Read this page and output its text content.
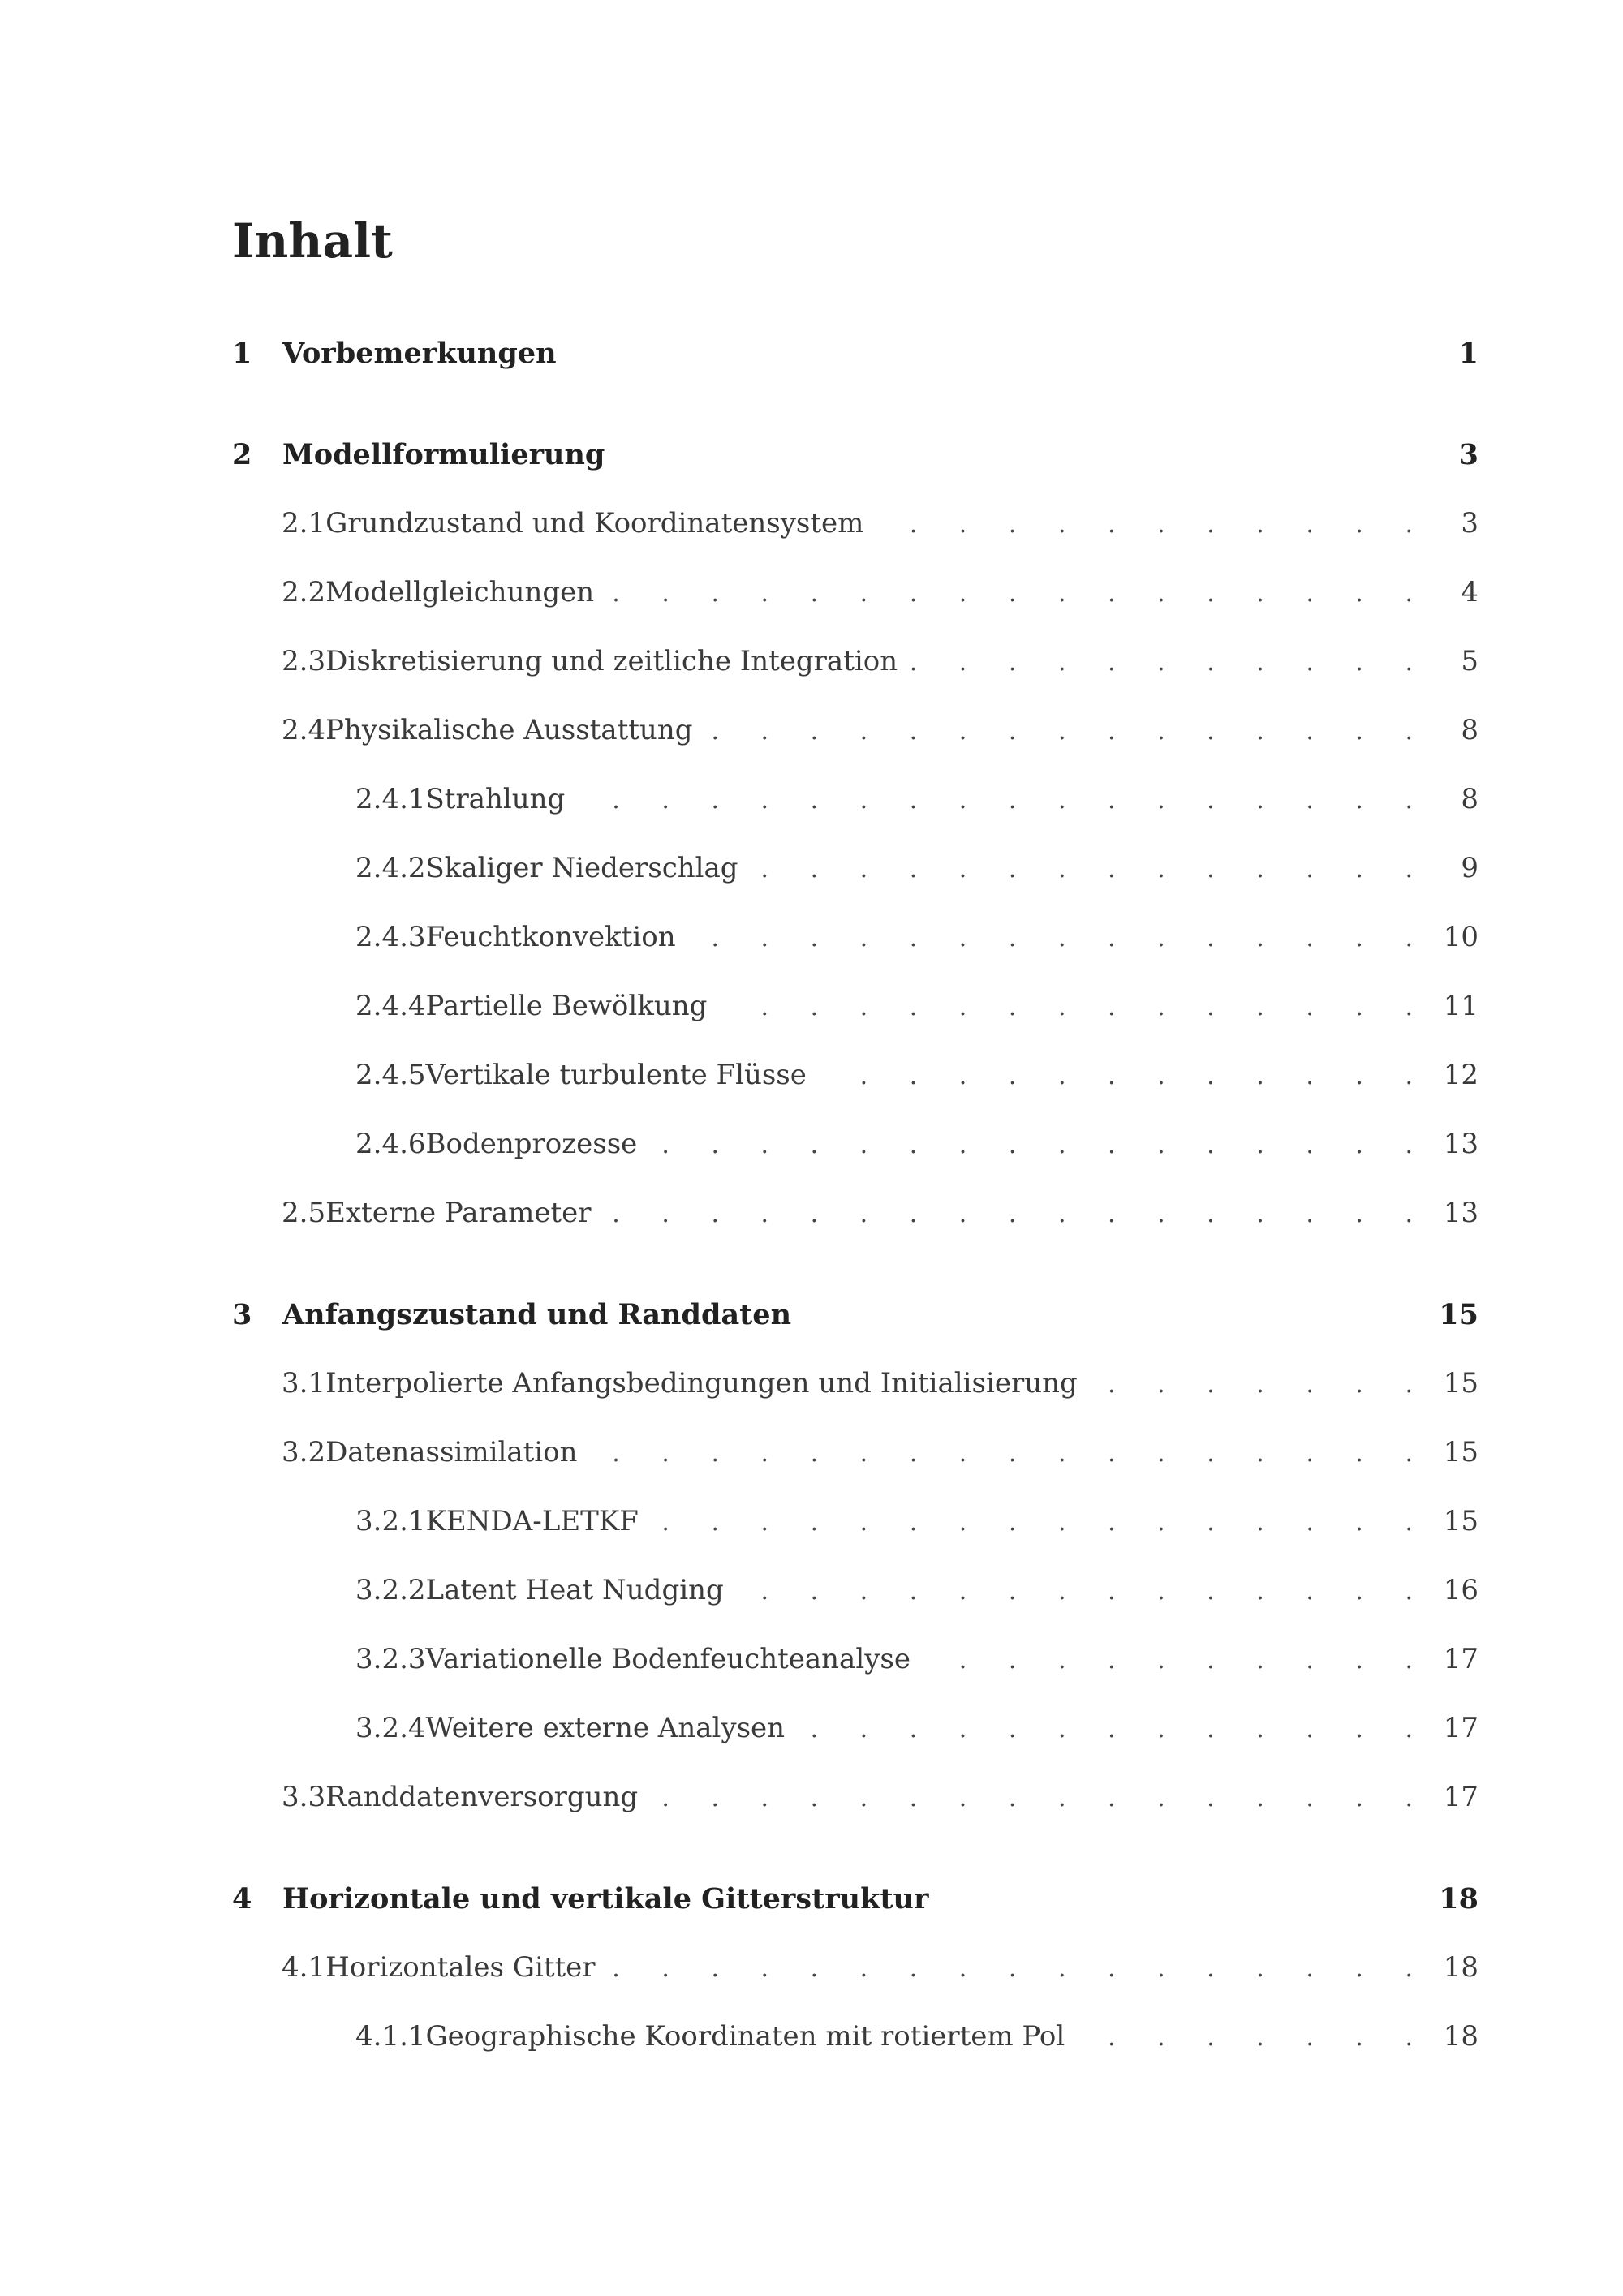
Inhalt
1	Vorbemerkungen	1
2	Modellformulierung	3
2.1 Grundzustand und Koordinatensystem . . .	3
2.2 Modellgleichungen . . .	4
2.3 Diskretisierung und zeitliche Integration . . .	5
2.4 Physikalische Ausstattung . . .	8
2.4.1 Strahlung . . .	8
2.4.2 Skaliger Niederschlag . . .	9
2.4.3 Feuchtkonvektion . . .	10
2.4.4 Partielle Bewölkung . . .	11
2.4.5 Vertikale turbulente Flüsse . . .	12
2.4.6 Bodenprozesse . . .	13
2.5 Externe Parameter . . .	13
3	Anfangszustand und Randdaten	15
3.1 Interpolierte Anfangsbedingungen und Initialisierung . . .	15
3.2 Datenassimilation . . .	15
3.2.1 KENDA-LETKF . . .	15
3.2.2 Latent Heat Nudging . . .	16
3.2.3 Variationelle Bodenfeuchteanalyse . . .	17
3.2.4 Weitere externe Analysen . . .	17
3.3 Randdatenversorgung . . .	17
4	Horizontale und vertikale Gitterstruktur	18
4.1 Horizontales Gitter . . .	18
4.1.1 Geographische Koordinaten mit rotiertem Pol . . .	18
